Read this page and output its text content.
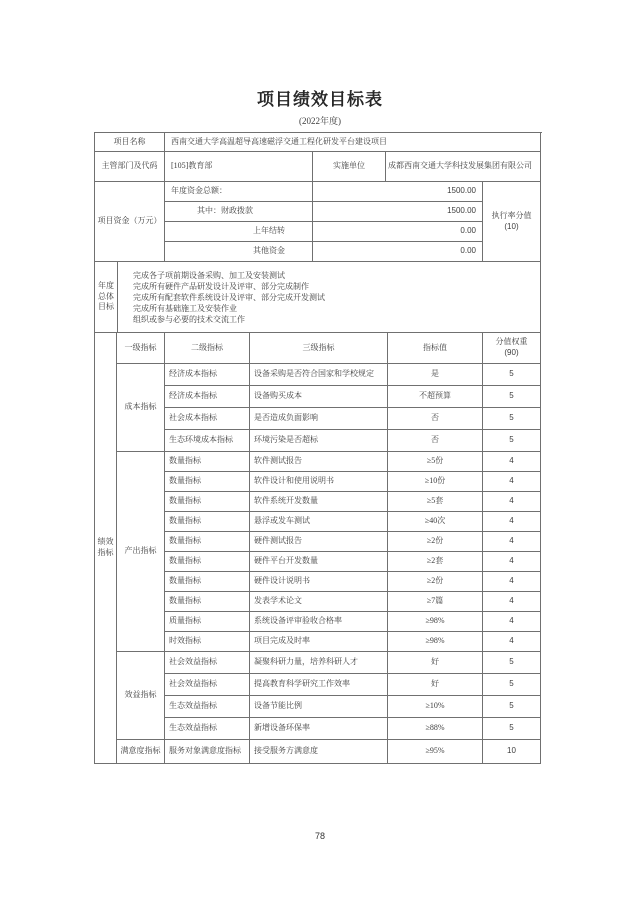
项目绩效目标表
(2022年度)
项目名称	西南交通大学高温超导高速磁浮交通工程化研发平台建设项目
主管部门及代码	[105]教育部	实施单位	成都西南交通大学科技发展集团有限公司
项目资金（万元）
年度资金总额：	1500.00
其中：财政拨款	1500.00
上年结转	0.00
其他资金	0.00
执行率分值
(10)
年度总体目标
完成各子项前期设备采购、加工及安装测试
完成所有硬件产品研发设计及评审、部分完成制作
完成所有配套软件系统设计及评审、部分完成开发测试
完成所有基础施工及安装作业
组织或参与必要的技术交流工作
绩效指标
一级指标	二级指标	三级指标	指标值
分值权重
(90)
成本指标
经济成本指标	设备采购是否符合国家和学校规定	是	5
经济成本指标	设备购买成本	不超预算	5
社会成本指标	是否造成负面影响	否	5
生态环境成本指标	环境污染是否超标	否	5
产出指标
数量指标	软件测试报告	≥5份	4
数量指标	软件设计和使用说明书	≥10份	4
数量指标	软件系统开发数量	≥5套	4
数量指标	悬浮或发车测试	≥40次	4
数量指标	硬件测试报告	≥2份	4
数量指标	硬件平台开发数量	≥2套	4
数量指标	硬件设计说明书	≥2份	4
数量指标	发表学术论文	≥7篇	4
质量指标	系统设备评审验收合格率	≥98%	4
时效指标	项目完成及时率	≥98%	4
效益指标
社会效益指标	凝聚科研力量，培养科研人才	好	5
社会效益指标	提高教育科学研究工作效率	好	5
生态效益指标	设备节能比例	≥10%	5
生态效益指标	新增设备环保率	≥88%	5
满意度指标	服务对象满意度指标	接受服务方满意度	≥95%	10
78
